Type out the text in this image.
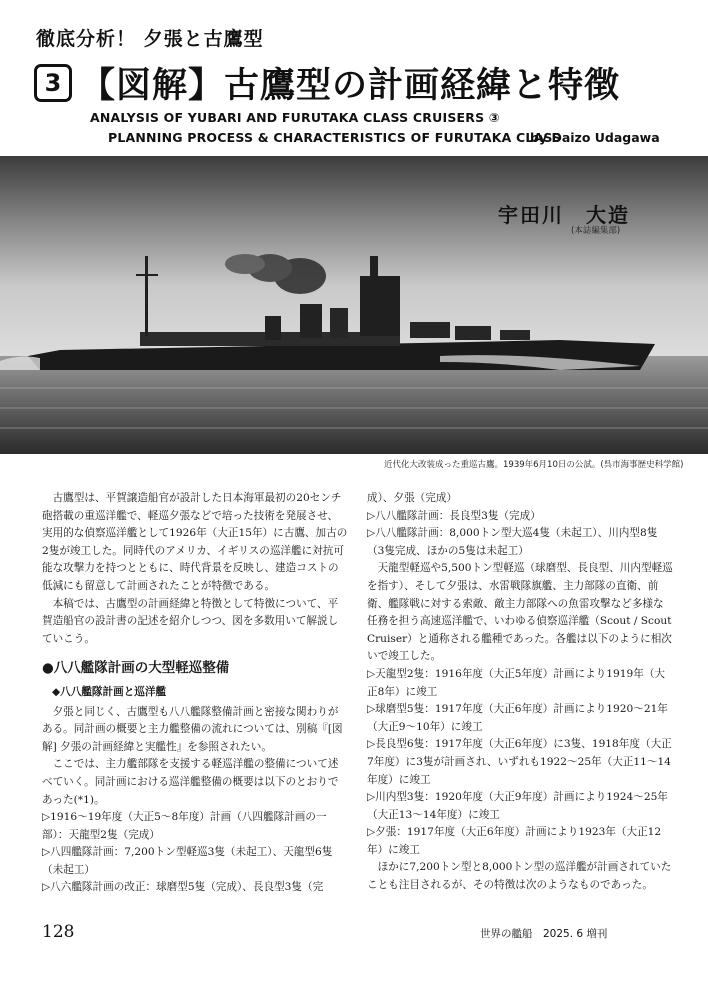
徹底分析！ 夕張と古鷹型
3 【図解】古鷹型の計画経緯と特徴
ANALYSIS OF YUBARI AND FURUTAKA CLASS CRUISERS ③
PLANNING PROCESS & CHARACTERISTICS OF FURUTAKA CLASS
by Daizo Udagawa
宇田川　大造
(本誌編集部)
近代化大改装成った重巡古鷹。1939年6月10日の公試。(呉市海事歴史科学館)

古鷹型は、平賀譲造船官が設計した日本海軍最初の20センチ砲搭載の重巡洋艦で、軽巡夕張などで培った技術を発展させ、実用的な偵察巡洋艦として1926年（大正15年）に古鷹、加古の2隻が竣工した。同時代のアメリカ、イギリスの巡洋艦に対抗可能な攻撃力を持つとともに、時代背景を反映し、建造コストの低減にも留意して計画されたことが特徴である。

本稿では、古鷹型の計画経緯と特徴として特徴について、平賀造船官の設計書の記述を紹介しつつ、図を多数用いて解説していこう。

●八八艦隊計画の大型軽巡整備
◆八八艦隊計画と巡洋艦

夕張と同じく、古鷹型も八八艦隊整備計画と密接な関わりがある。同計画の概要と主力艦整備の流れについては、別稿『[図解] 夕張の計画経緯と実艦性』を参照されたい。

ここでは、主力艦部隊を支援する軽巡洋艦の整備について述べていく。同計画における巡洋艦整備の概要は以下のとおりであった(*1)。

▷1916～19年度（大正5～8年度）計画（八四艦隊計画の一部）：天龍型2隻（完成）

▷八四艦隊計画：7,200トン型軽巡3隻（未起工）、天龍型6隻（未起工）

▷八六艦隊計画の改正：球磨型5隻（完成）、長良型3隻（完

成）、夕張（完成）

▷八八艦隊計画：長良型3隻（完成）

▷八八艦隊計画：8,000トン型大巡4隻（未起工）、川内型8隻（3隻完成、ほかの5隻は未起工）

天龍型軽巡や5,500トン型軽巡（球磨型、長良型、川内型軽巡を指す）、そして夕張は、水雷戦隊旗艦、主力部隊の直衛、前衛、艦隊戦に対する索敵、敵主力部隊への魚雷攻撃など多様な任務を担う高速巡洋艦で、いわゆる偵察巡洋艦（Scout / Scout Cruiser）と通称される艦種であった。各艦は以下のように相次いで竣工した。

▷天龍型2隻：1916年度（大正5年度）計画により1919年（大正8年）に竣工

▷球磨型5隻：1917年度（大正6年度）計画により1920～21年（大正9～10年）に竣工

▷長良型6隻：1917年度（大正6年度）に3隻、1918年度（大正7年度）に3隻が計画され、いずれも1922～25年（大正11～14年度）に竣工

▷川内型3隻：1920年度（大正9年度）計画により1924～25年（大正13～14年度）に竣工

▷夕張：1917年度（大正6年度）計画により1923年（大正12年）に竣工

ほかに7,200トン型と8,000トン型の巡洋艦が計画されていたことも注目されるが、その特徴は次のようなものであった。

128	世界の艦船　2025. 6 増刊
